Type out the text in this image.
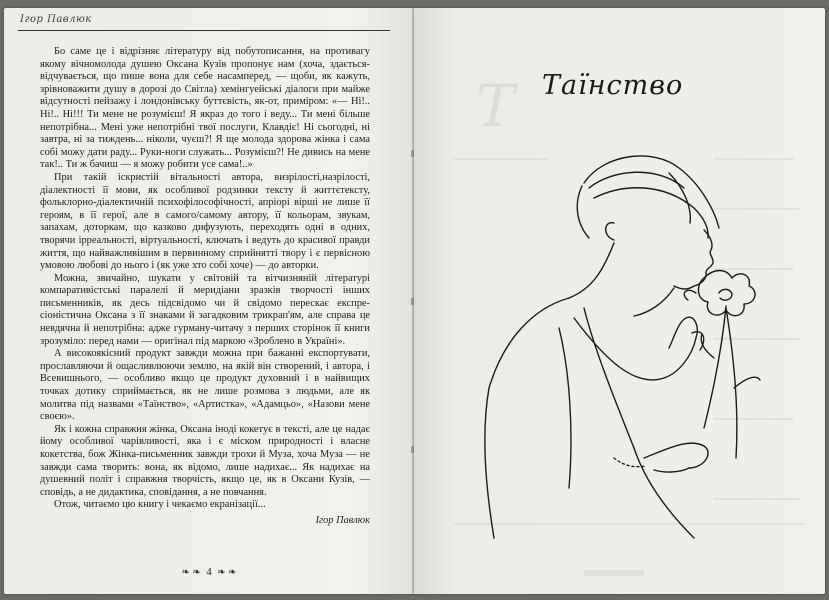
Ігор Павлюк

Бо саме це і відрізняє літературу від побутописання, на противагу якому вічномолода душею Оксана Кузів пропонує нам (хоча, здається-відчувається, що пише вона для себе насамперед, — щоби, як кажуть, зрівноважити душу в дорозі до Світла) хемінгуейські діалоги при майже відсутності пейзажу і лондонівську буттєвість, як-от, приміром: «— Ні!.. Ні!.. Ні!!! Ти мене не розумієш! Я якраз до того і веду... Ти мені більше непотрібна... Мені уже непотрібні твої послуги, Клавдіє! Ні сьогодні, ні завтра, ні за тиждень... ніколи, чуєш?! Я ще молода здорова жінка і сама собі можу дати раду... Руки-ноги служать... Розумієш?! Не дивись на мене так!.. Ти ж бачиш — я можу робити усе сама!..»

При такій іскристій вітальності автора, визрілості,назрілості, діалектності її мови, як особливої родзинки тексту й життєтексту, фольклорно-діалектичній психофілософічності, апріорі вірші не лише її героям, в її герої, але в самого/самому автору, її кольорам, звукам, запахам, доторкам, що казково дифузують, переходять одні в одних, творячи ірреальності, віртуальності, ключать і ведуть до красивої правди життя, що найважливішим в первинному сприйнятті твору і є первісною умовою любові до нього і (як уже хто собі хоче) — до авторки.

Можна, звичайно, шукати у світовій та вітчизняній літературі компаративістські паралелі й меридіани зразків творчості інших письменників, як десь підсвідомо чи й свідомо перескає експресіоністична Оксана з її знаками й загадковим трикрап'ям, але справа це невдячна й непотрібна: адже гурману-читачу з перших сторінок її книги зрозуміло: перед нами — оригінал під маркою «Зроблено в Україні».

А високоякісний продукт завжди можна при бажанні експортувати, прославляючи й ощасливлюючи землю, на якій він створений, і автора, і Всевишнього, — особливо якщо це продукт духовний і в найвищих точках дотику сприймається, як не лише розмова з людьми, але як молитва під назвами «Таїнство», «Артистка», «Адамцьо», «Назови мене своєю».

Як і кожна справжня жінка, Оксана іноді кокетує в тексті, але це надає йому особливої чарівливості, яка і є міском природності і власне кокетства, бож Жінка-письменник завжди трохи й Муза, хоча Муза — не завжди сама творить: вона, як відомо, лише надихає... Як надихає на душевний політ і справжня творчість, якщо це, як в Оксани Кузів, — сповідь, а не дидактика, сповідання, а не повчання.

Отож, читаємо цю книгу і чекаємо екранізації...

Ігор Павлюк

❧ ❧ 4 ❧ ❧
Т Таїнство
